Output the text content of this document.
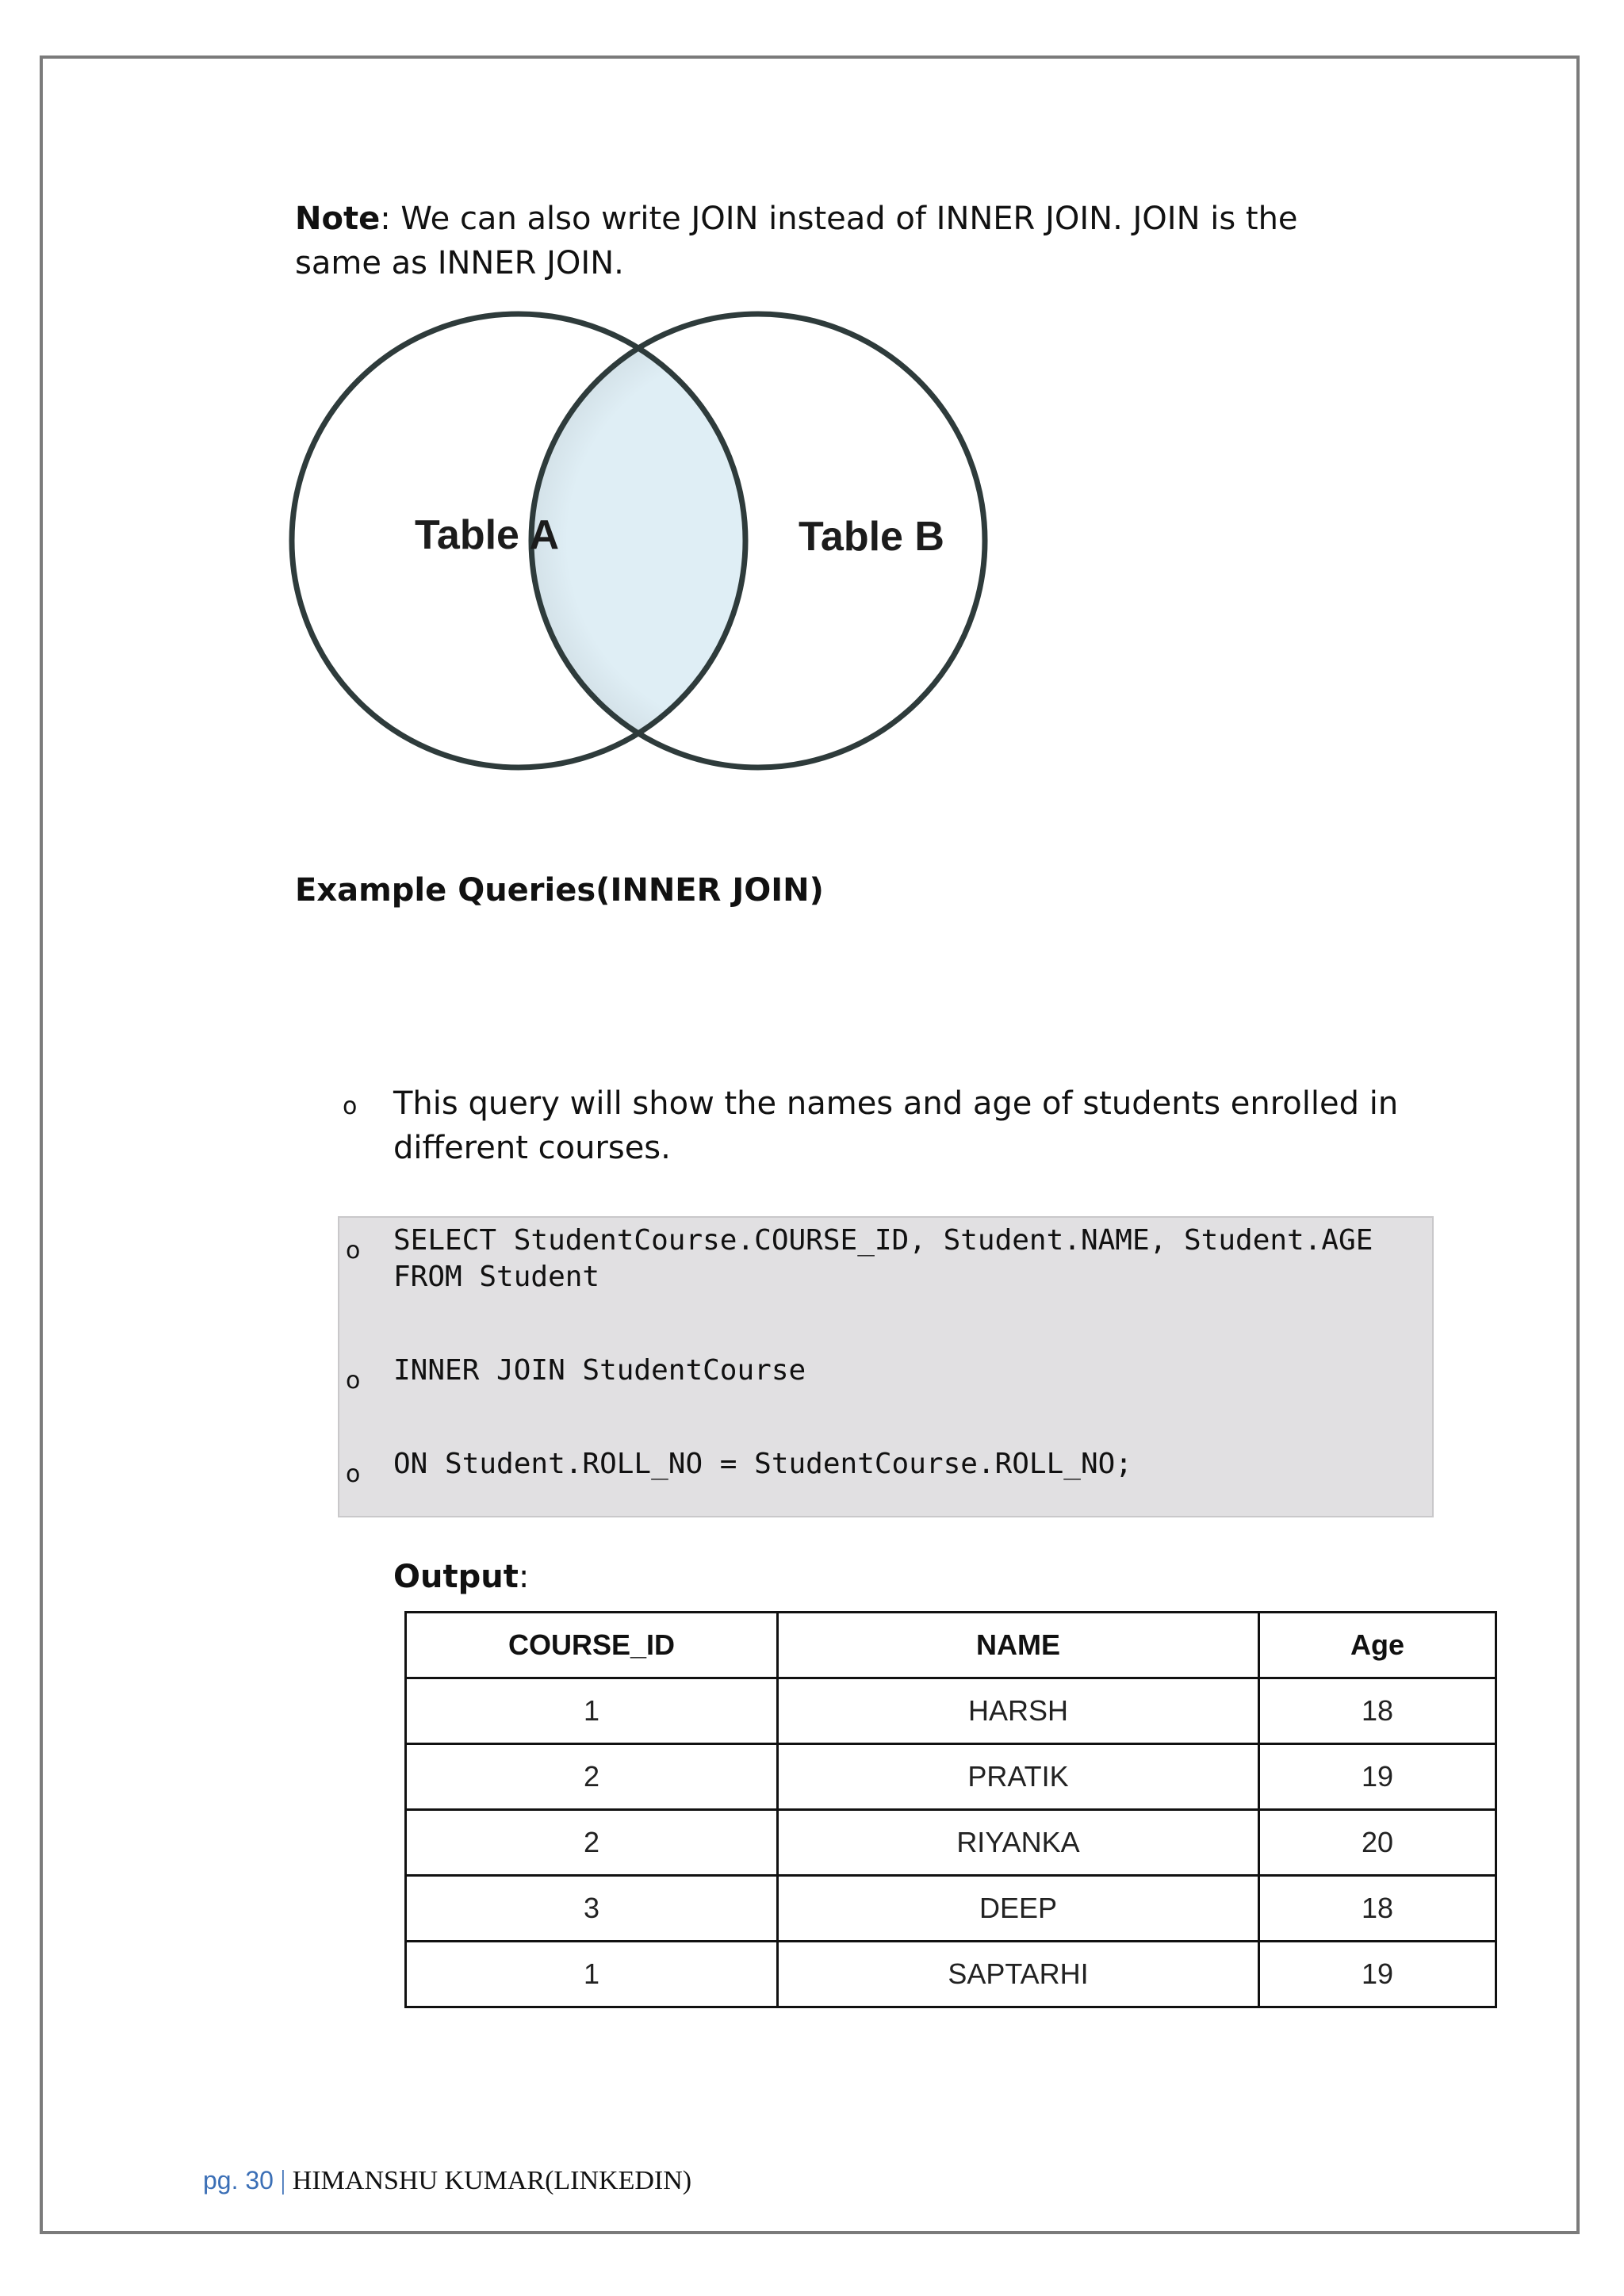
Note: We can also write JOIN instead of INNER JOIN. JOIN is the same as INNER JOIN.
Table A	Table B
Example Queries(INNER JOIN)
o This query will show the names and age of students enrolled in different courses.
o SELECT StudentCourse.COURSE_ID, Student.NAME, Student.AGE FROM Student
o INNER JOIN StudentCourse
o ON Student.ROLL_NO = StudentCourse.ROLL_NO;
Output:
COURSE_ID	NAME	Age
1	HARSH	18
2	PRATIK	19
2	RIYANKA	20
3	DEEP	18
1	SAPTARHI	19
pg. 30 | HIMANSHU KUMAR(LINKEDIN)
